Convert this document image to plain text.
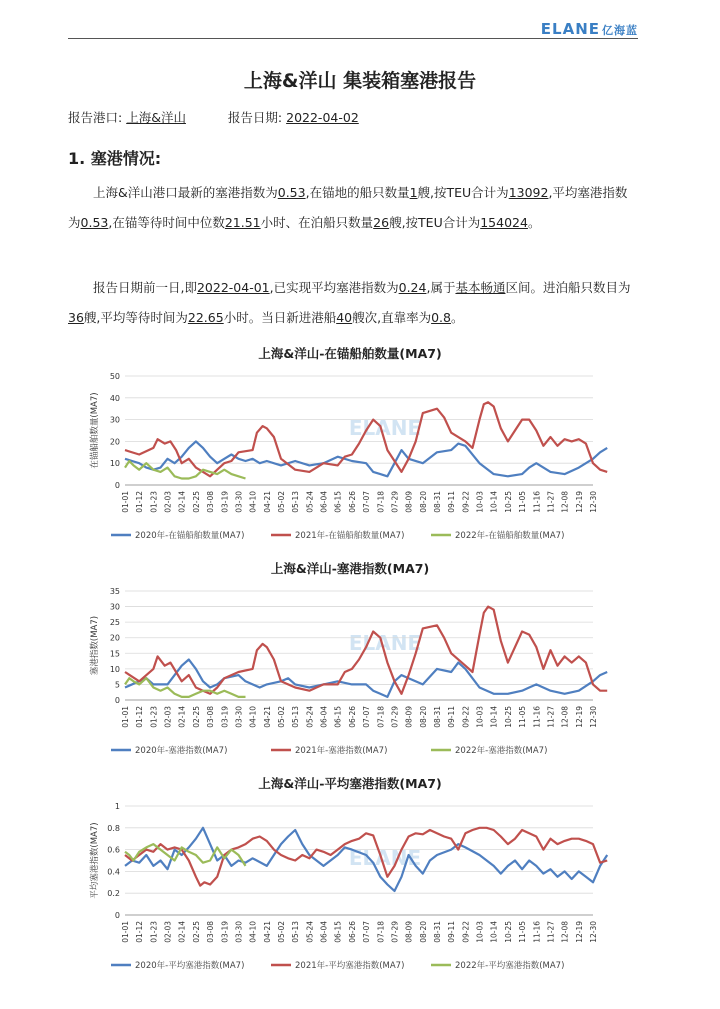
ELANE 亿海蓝
上海&洋山 集装箱塞港报告
报告港口: 上海&洋山	报告日期: 2022-04-02
1. 塞港情况:
上海&洋山港口最新的塞港指数为0.53,在锚地的船只数量1艘,按TEU合计为13092,平均塞港指数为0.53,在锚等待时间中位数21.51小时、在泊船只数量26艘,按TEU合计为154024。
报告日期前一日,即2022-04-01,已实现平均塞港指数为0.24,属于基本畅通区间。进泊船只数目为36艘,平均等待时间为22.65小时。当日新进港船40艘次,直靠率为0.8。
上海&洋山-在锚船舶数量(MA7)
ELANE
0
10
20
30
40
50
01-01 01-12 01-23 02-03 02-14 02-25 03-08 03-19 03-30 04-10 04-21 05-02 05-13 05-24 06-04 06-15 06-26 07-07 07-18 07-29 08-09 08-20 08-31 09-11 09-22 10-03 10-14 10-25 11-05 11-16 11-27 12-08 12-19 12-30
在锚船舶数量(MA7)
2020年-在锚船舶数量(MA7)	2021年-在锚船舶数量(MA7)	2022年-在锚船舶数量(MA7)
上海&洋山-塞港指数(MA7)
ELANE
0
5
10
15
20
25
30
35
01-01 01-12 01-23 02-03 02-14 02-25 03-08 03-19 03-30 04-10 04-21 05-02 05-13 05-24 06-04 06-15 06-26 07-07 07-18 07-29 08-09 08-20 08-31 09-11 09-22 10-03 10-14 10-25 11-05 11-16 11-27 12-08 12-19 12-30
塞港指数(MA7)
2020年-塞港指数(MA7)	2021年-塞港指数(MA7)	2022年-塞港指数(MA7)
上海&洋山-平均塞港指数(MA7)
ELANE
0
0.2
0.4
0.6
0.8
1
01-01 01-12 01-23 02-03 02-14 02-25 03-08 03-19 03-30 04-10 04-21 05-02 05-13 05-24 06-04 06-15 06-26 07-07 07-18 07-29 08-09 08-20 08-31 09-11 09-22 10-03 10-14 10-25 11-05 11-16 11-27 12-08 12-19 12-30
平均塞港指数(MA7)
2020年-平均塞港指数(MA7)	2021年-平均塞港指数(MA7)	2022年-平均塞港指数(MA7)
